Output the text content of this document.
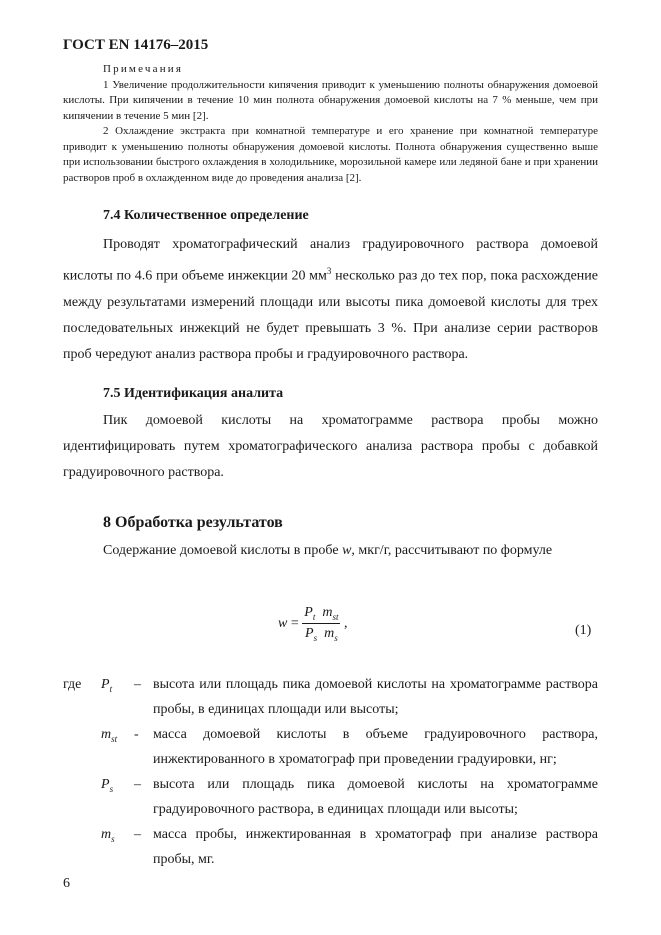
ГОСТ EN 14176–2015
Примечания

1 Увеличение продолжительности кипячения приводит к уменьшению полноты обнаружения домоевой кислоты. При кипячении в течение 10 мин полнота обнаружения домоевой кислоты на 7 % меньше, чем при кипячении в течение 5 мин [2].

2 Охлаждение экстракта при комнатной температуре и его хранение при комнатной температуре приводит к уменьшению полноты обнаружения домоевой кислоты. Полнота обнаружения существенно выше при использовании быстрого охлаждения в холодильнике, морозильной камере или ледяной бане и при хранении растворов проб в охлажденном виде до проведения анализа [2].

7.4 Количественное определение

Проводят хроматографический анализ градуировочного раствора домоевой кислоты по 4.6 при объеме инжекции 20 $мм^3$ несколько раз до тех пор, пока расхождение между результатами измерений площади или высоты пика домоевой кислоты для трех последовательных инжекций не будет превышать 3 %. При анализе серии растворов проб чередуют анализ раствора пробы и градуировочного раствора.

7.5 Идентификация аналита

Пик домоевой кислоты на хроматограмме раствора пробы можно идентифицировать путем хроматографического анализа раствора пробы с добавкой градуировочного раствора.

8 Обработка результатов

Содержание домоевой кислоты в пробе w, мкг/г, рассчитывают по формуле

$w = \frac{P_t m_{st}}{P_s m_s}$ ,	(1)
где $P_t$ – высота или площадь пика домоевой кислоты на хроматограмме раствора пробы, в единицах площади или высоты;
$m_{st}$ - масса домоевой кислоты в объеме градуировочного раствора, инжектированного в хроматограф при проведении градуировки, нг;
$P_s$ – высота или площадь пика домоевой кислоты на хроматограмме градуировочного раствора, в единицах площади или высоты;
$m_s$ – масса пробы, инжектированная в хроматограф при анализе раствора пробы, мг.
6
